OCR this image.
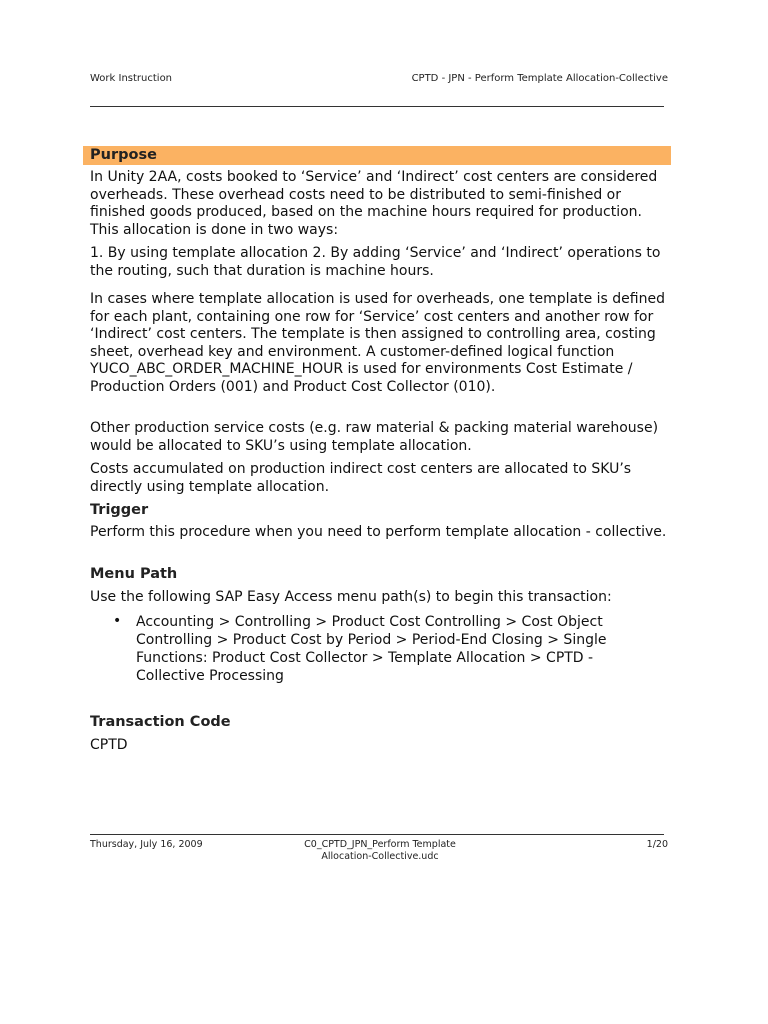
Work Instruction	CPTD - JPN - Perform Template Allocation-Collective
Purpose

In Unity 2AA, costs booked to ‘Service’ and ‘Indirect’ cost centers are considered overheads. These overhead costs need to be distributed to semi-finished or finished goods produced, based on the machine hours required for production. This allocation is done in two ways:

1. By using template allocation 2. By adding ‘Service’ and ‘Indirect’ operations to the routing, such that duration is machine hours.

In cases where template allocation is used for overheads, one template is defined for each plant, containing one row for ‘Service’ cost centers and another row for ‘Indirect’ cost centers. The template is then assigned to controlling area, costing sheet, overhead key and environment. A customer-defined logical function YUCO_ABC_ORDER_MACHINE_HOUR is used for environments Cost Estimate / Production Orders (001) and Product Cost Collector (010).

Other production service costs (e.g. raw material & packing material warehouse) would be allocated to SKU’s using template allocation.

Costs accumulated on production indirect cost centers are allocated to SKU’s directly using template allocation.

Trigger

Perform this procedure when you need to perform template allocation - collective.

Menu Path

Use the following SAP Easy Access menu path(s) to begin this transaction:

• Accounting > Controlling > Product Cost Controlling > Cost Object Controlling > Product Cost by Period > Period-End Closing > Single Functions: Product Cost Collector > Template Allocation > CPTD - Collective Processing

Transaction Code

CPTD

Thursday, July 16, 2009	C0_CPTD_JPN_Perform Template
Allocation-Collective.udc
1/20
